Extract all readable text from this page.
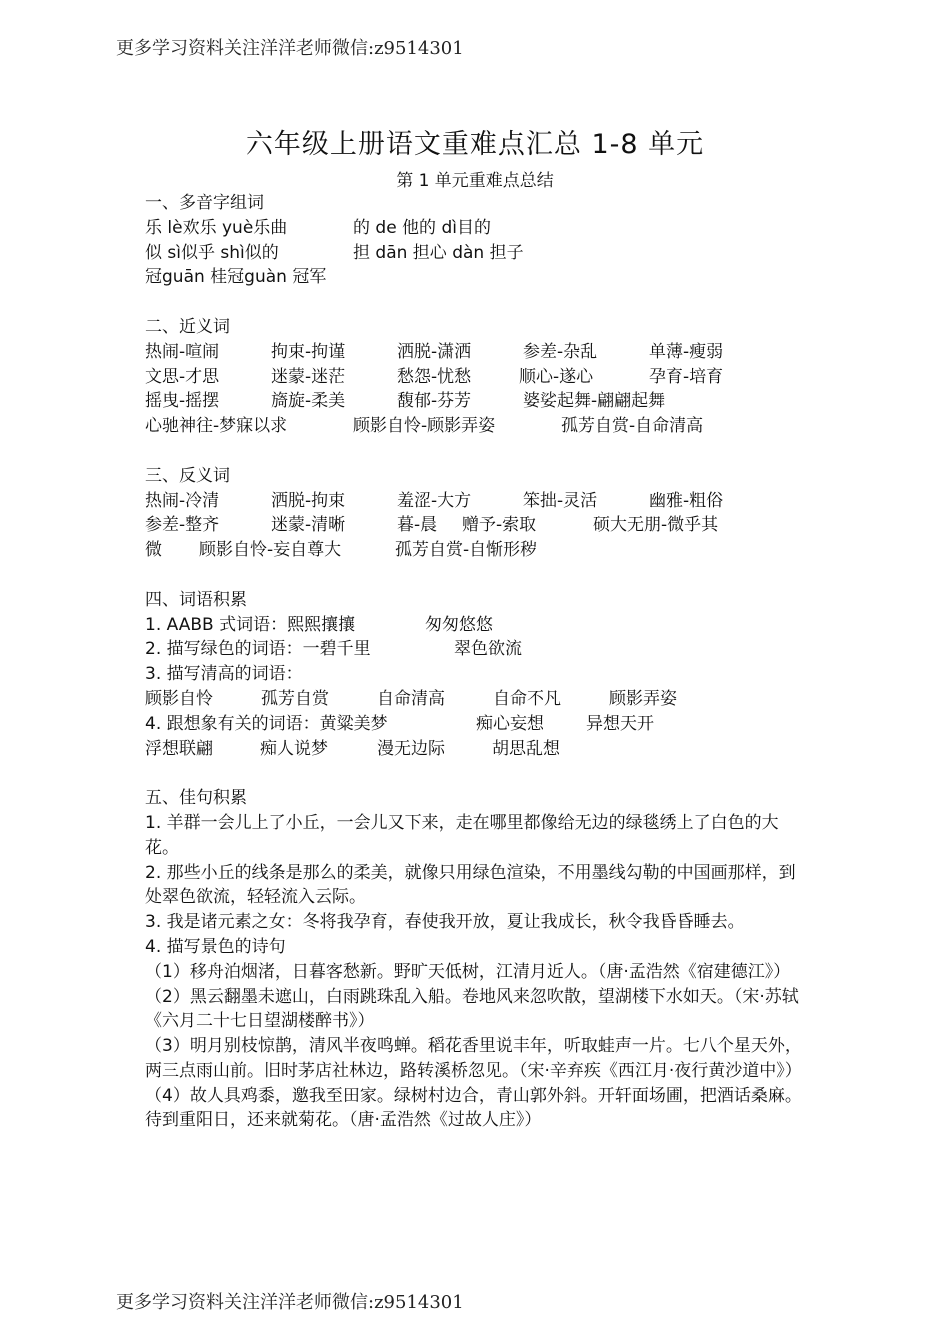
更多学习资料关注洋洋老师微信:z9514301
六年级上册语文重难点汇总 1-8 单元
第 1 单元重难点总结

一、多音字组词

乐 lè欢乐 yuè乐曲	的 de 他的 dì目的

似 sì似乎 shì似的	担 dān 担心 dàn 担子

冠guān 桂冠guàn 冠军

二、近义词

热闹-喧闹	拘束-拘谨	洒脱-潇洒	参差-杂乱	单薄-瘦弱

文思-才思	迷蒙-迷茫	愁怨-忧愁	顺心-遂心	孕育-培育

摇曳-摇摆	旖旋-柔美	馥郁-芬芳	婆娑起舞-翩翩起舞

心驰神往-梦寐以求	顾影自怜-顾影弄姿	孤芳自赏-自命清高

三、反义词

热闹-冷清	洒脱-拘束	羞涩-大方	笨拙-灵活	幽雅-粗俗

参差-整齐	迷蒙-清晰	暮-晨 赠予-索取	硕大无朋-微乎其

微 顾影自怜-妄自尊大	孤芳自赏-自惭形秽

四、词语积累

1. AABB 式词语：熙熙攘攘	匆匆悠悠

2. 描写绿色的词语：一碧千里	翠色欲流

3. 描写清高的词语：

顾影自怜	孤芳自赏	自命清高	自命不凡	顾影弄姿

4. 跟想象有关的词语：黄粱美梦	痴心妄想 异想天开

浮想联翩	痴人说梦	漫无边际	胡思乱想

五、佳句积累

1. 羊群一会儿上了小丘，一会儿又下来，走在哪里都像给无边的绿毯绣上了白色的大花。

2. 那些小丘的线条是那么的柔美，就像只用绿色渲染，不用墨线勾勒的中国画那样，到处翠色欲流，轻轻流入云际。

3. 我是诸元素之女：冬将我孕育，春使我开放，夏让我成长，秋令我昏昏睡去。

4. 描写景色的诗句

（1）移舟泊烟渚，日暮客愁新。野旷天低树，江清月近人。（唐·孟浩然《宿建德江》）

（2）黑云翻墨未遮山，白雨跳珠乱入船。卷地风来忽吹散，望湖楼下水如天。（宋·苏轼《六月二十七日望湖楼醉书》）

（3）明月别枝惊鹊，清风半夜鸣蝉。稻花香里说丰年，听取蛙声一片。七八个星天外，两三点雨山前。旧时茅店社林边，路转溪桥忽见。（宋·辛弃疾《西江月·夜行黄沙道中》）

（4）故人具鸡黍，邀我至田家。绿树村边合，青山郭外斜。开轩面场圃，把酒话桑麻。待到重阳日，还来就菊花。（唐·孟浩然《过故人庄》）

更多学习资料关注洋洋老师微信:z9514301
